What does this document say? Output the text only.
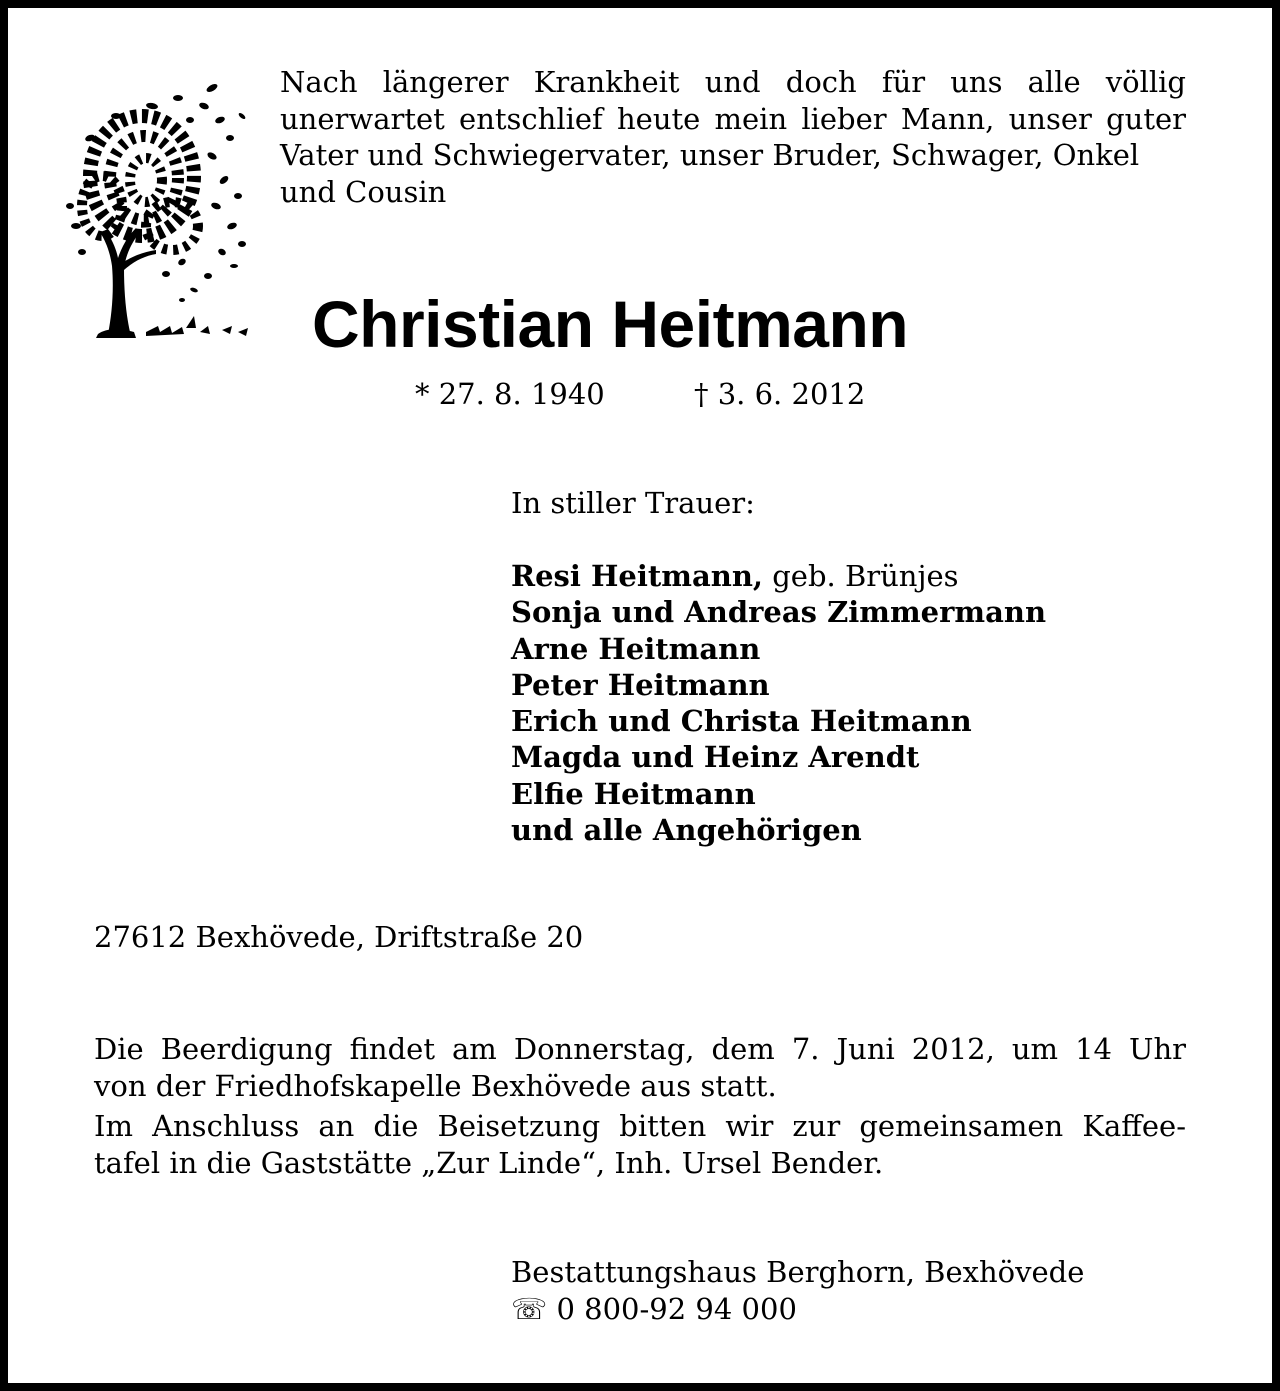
Nach längerer Krankheit und doch für uns alle völlig unerwartet entschlief heute mein lieber Mann, unser guter Vater und Schwiegervater, unser Bruder, Schwager, Onkel
und Cousin

Christian Heitmann
* 27. 8. 1940	† 3. 6. 2012
In stiller Trauer:
Resi Heitmann, geb. Brünjes
Sonja und Andreas Zimmermann
Arne Heitmann
Peter Heitmann
Erich und Christa Heitmann
Magda und Heinz Arendt
Elfie Heitmann
und alle Angehörigen
27612 Bexhövede, Driftstraße 20

Die Beerdigung findet am Donnerstag, dem 7. Juni 2012, um 14 Uhr
von der Friedhofskapelle Bexhövede aus statt.

Im Anschluss an die Beisetzung bitten wir zur gemeinsamen Kaffee-
tafel in die Gaststätte „Zur Linde“, Inh. Ursel Bender.

Bestattungshaus Berghorn, Bexhövede
☏ 0 800-92 94 000
